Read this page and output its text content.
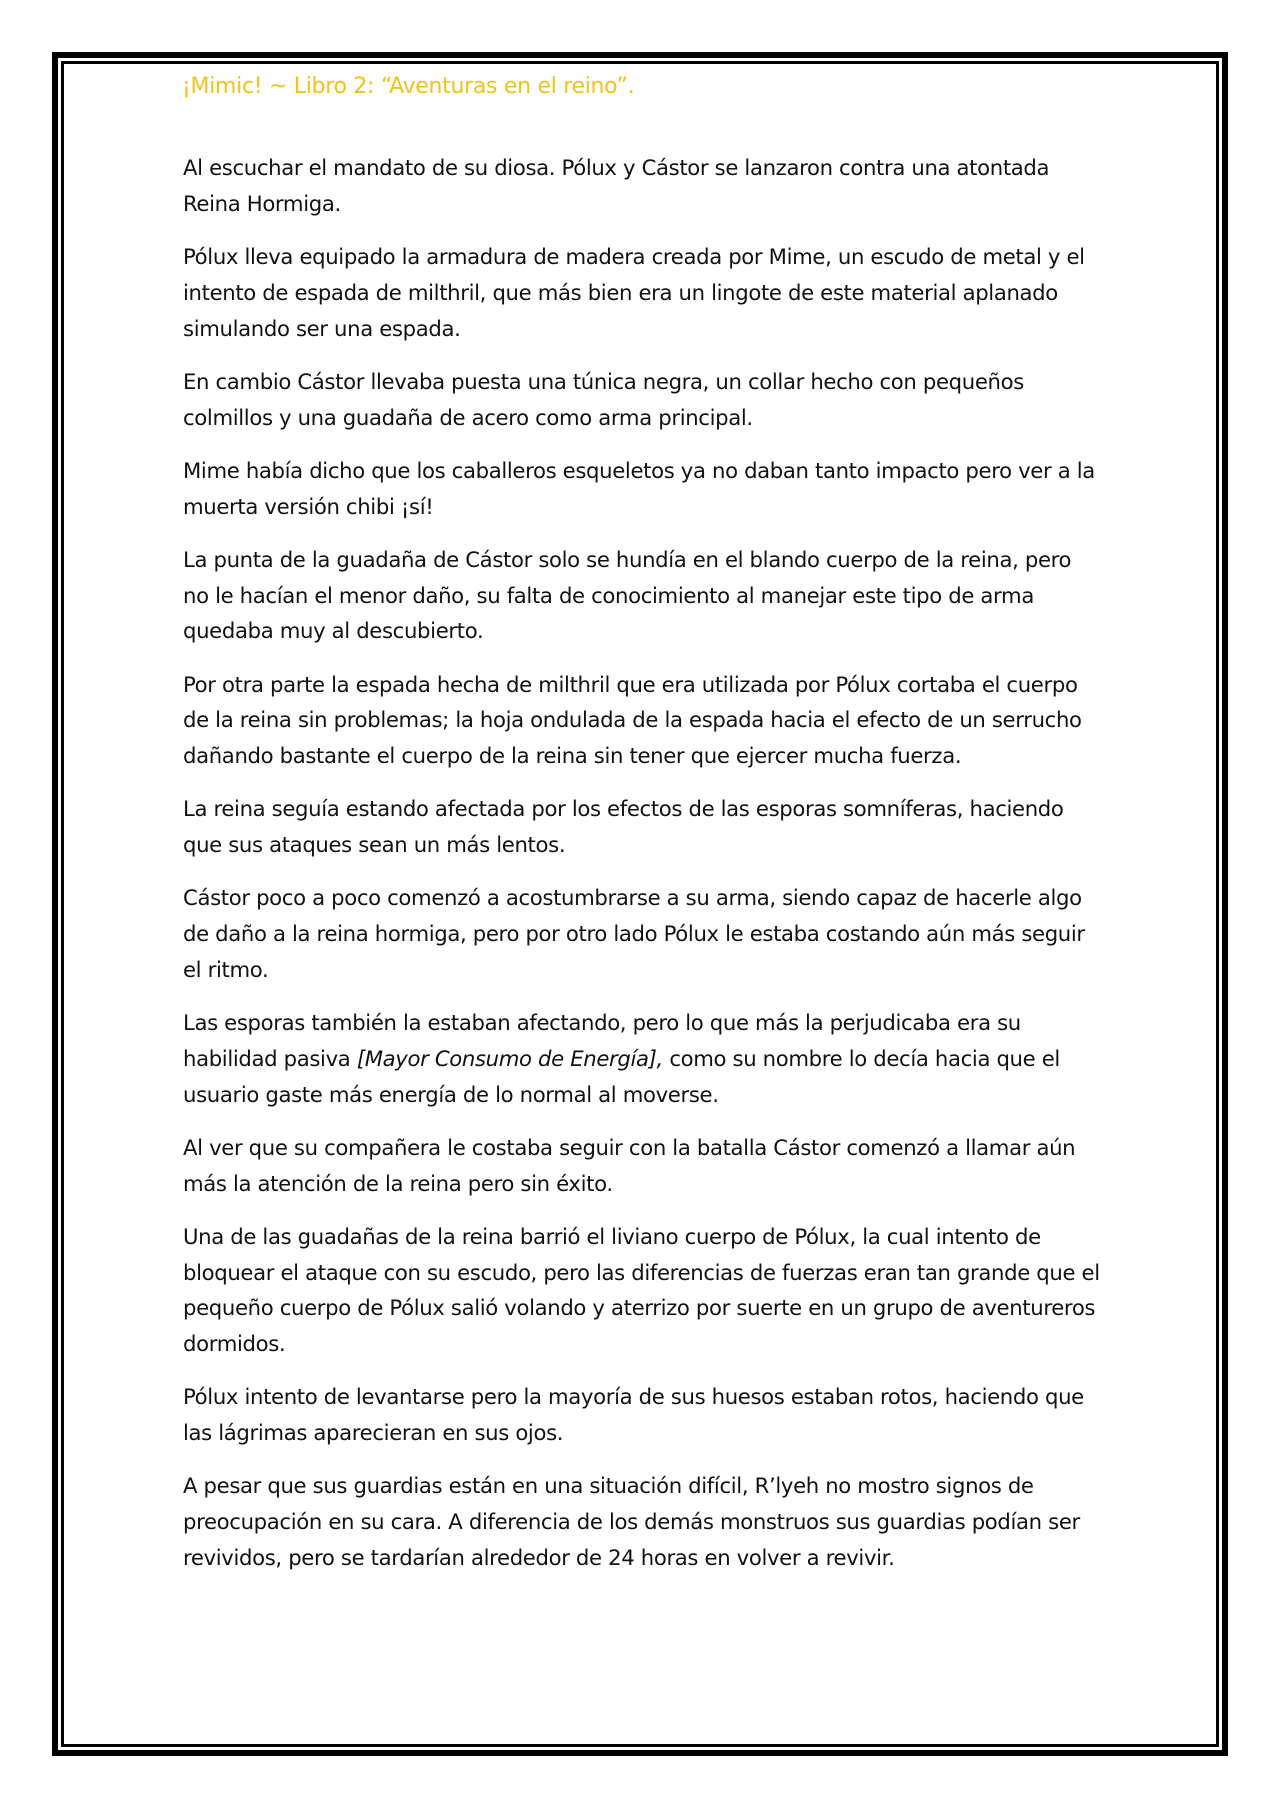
¡Mimic! ~ Libro 2: “Aventuras en el reino”.

Al escuchar el mandato de su diosa. Pólux y Cástor se lanzaron contra una atontada Reina Hormiga.

Pólux lleva equipado la armadura de madera creada por Mime, un escudo de metal y el intento de espada de milthril, que más bien era un lingote de este material aplanado simulando ser una espada.

En cambio Cástor llevaba puesta una túnica negra, un collar hecho con pequeños colmillos y una guadaña de acero como arma principal.

Mime había dicho que los caballeros esqueletos ya no daban tanto impacto pero ver a la muerta versión chibi ¡sí!

La punta de la guadaña de Cástor solo se hundía en el blando cuerpo de la reina, pero no le hacían el menor daño, su falta de conocimiento al manejar este tipo de arma quedaba muy al descubierto.

Por otra parte la espada hecha de milthril que era utilizada por Pólux cortaba el cuerpo de la reina sin problemas; la hoja ondulada de la espada hacia el efecto de un serrucho dañando bastante el cuerpo de la reina sin tener que ejercer mucha fuerza.

La reina seguía estando afectada por los efectos de las esporas somníferas, haciendo que sus ataques sean un más lentos.

Cástor poco a poco comenzó a acostumbrarse a su arma, siendo capaz de hacerle algo de daño a la reina hormiga, pero por otro lado Pólux le estaba costando aún más seguir el ritmo.

Las esporas también la estaban afectando, pero lo que más la perjudicaba era su habilidad pasiva [Mayor Consumo de Energía], como su nombre lo decía hacia que el usuario gaste más energía de lo normal al moverse.

Al ver que su compañera le costaba seguir con la batalla Cástor comenzó a llamar aún más la atención de la reina pero sin éxito.

Una de las guadañas de la reina barrió el liviano cuerpo de Pólux, la cual intento de bloquear el ataque con su escudo, pero las diferencias de fuerzas eran tan grande que el pequeño cuerpo de Pólux salió volando y aterrizo por suerte en un grupo de aventureros dormidos.

Pólux intento de levantarse pero la mayoría de sus huesos estaban rotos, haciendo que las lágrimas aparecieran en sus ojos.

A pesar que sus guardias están en una situación difícil, R’lyeh no mostro signos de preocupación en su cara. A diferencia de los demás monstruos sus guardias podían ser revividos, pero se tardarían alrededor de 24 horas en volver a revivir.
